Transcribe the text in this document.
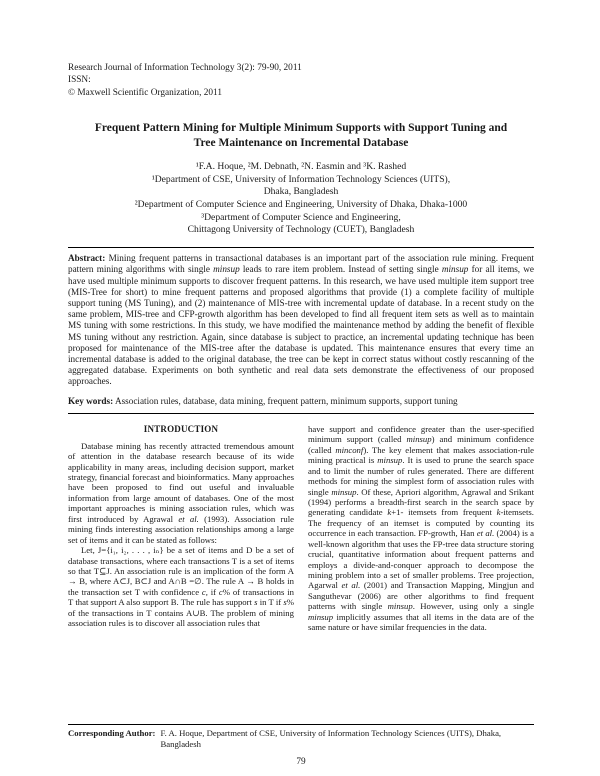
Research Journal of Information Technology 3(2): 79-90, 2011
ISSN:
© Maxwell Scientific Organization, 2011
Frequent Pattern Mining for Multiple Minimum Supports with Support Tuning and Tree Maintenance on Incremental Database
¹F.A. Hoque, ²M. Debnath, ²N. Easmin and ³K. Rashed
¹Department of CSE, University of Information Technology Sciences (UITS),
Dhaka, Bangladesh
²Department of Computer Science and Engineering, University of Dhaka, Dhaka-1000
³Department of Computer Science and Engineering,
Chittagong University of Technology (CUET), Bangladesh

Abstract: Mining frequent patterns in transactional databases is an important part of the association rule mining. Frequent pattern mining algorithms with single minsup leads to rare item problem. Instead of setting single minsup for all items, we have used multiple minimum supports to discover frequent patterns. In this research, we have used multiple item support tree (MIS-Tree for short) to mine frequent patterns and proposed algorithms that provide (1) a complete facility of multiple support tuning (MS Tuning), and (2) maintenance of MIS-tree with incremental update of database. In a recent study on the same problem, MIS-tree and CFP-growth algorithm has been developed to find all frequent item sets as well as to maintain MS tuning with some restrictions. In this study, we have modified the maintenance method by adding the benefit of flexible MS tuning without any restriction. Again, since database is subject to practice, an incremental updating technique has been proposed for maintenance of the MIS-tree after the database is updated. This maintenance ensures that every time an incremental database is added to the original database, the tree can be kept in correct status without costly rescanning of the aggregated database. Experiments on both synthetic and real data sets demonstrate the effectiveness of our proposed approaches.

Key words: Association rules, database, data mining, frequent pattern, minimum supports, support tuning

INTRODUCTION

Database mining has recently attracted tremendous amount of attention in the database research because of its wide applicability in many areas, including decision support, market strategy, financial forecast and bioinformatics. Many approaches have been proposed to find out useful and invaluable information from large amount of databases. One of the most important approaches is mining association rules, which was first introduced by Agrawal et al. (1993). Association rule mining finds interesting association relationships among a large set of items and it can be stated as follows:

Let, J={i₁, i₂, . . . , iₙ} be a set of items and D be a set of database transactions, where each transactions T is a set of items so that T⊆J. An association rule is an implication of the form A → B, where A⊂J, B⊂J and A∩B =∅. The rule A → B holds in the transaction set T with confidence c, if c% of transactions in T that support A also support B. The rule has support s in T if s% of the transactions in T contains A∪B. The problem of mining association rules is to discover all association rules that

have support and confidence greater than the user-specified minimum support (called minsup) and minimum confidence (called minconf). The key element that makes association-rule mining practical is minsup. It is used to prune the search space and to limit the number of rules generated. There are different methods for mining the simplest form of association rules with single minsup. Of these, Apriori algorithm, Agrawal and Srikant (1994) performs a breadth-first search in the search space by generating candidate k+1- itemsets from frequent k-itemsets. The frequency of an itemset is computed by counting its occurrence in each transaction. FP-growth, Han et al. (2004) is a well-known algorithm that uses the FP-tree data structure storing crucial, quantitative information about frequent patterns and employs a divide-and-conquer approach to decompose the mining problem into a set of smaller problems. Tree projection, Agarwal et al. (2001) and Transaction Mapping, Mingjun and Sanguthevar (2006) are other algorithms to find frequent patterns with single minsup. However, using only a single minsup implicitly assumes that all items in the data are of the same nature or have similar frequencies in the data.

Corresponding Author: F. A. Hoque, Department of CSE, University of Information Technology Sciences (UITS), Dhaka, Bangladesh
79
